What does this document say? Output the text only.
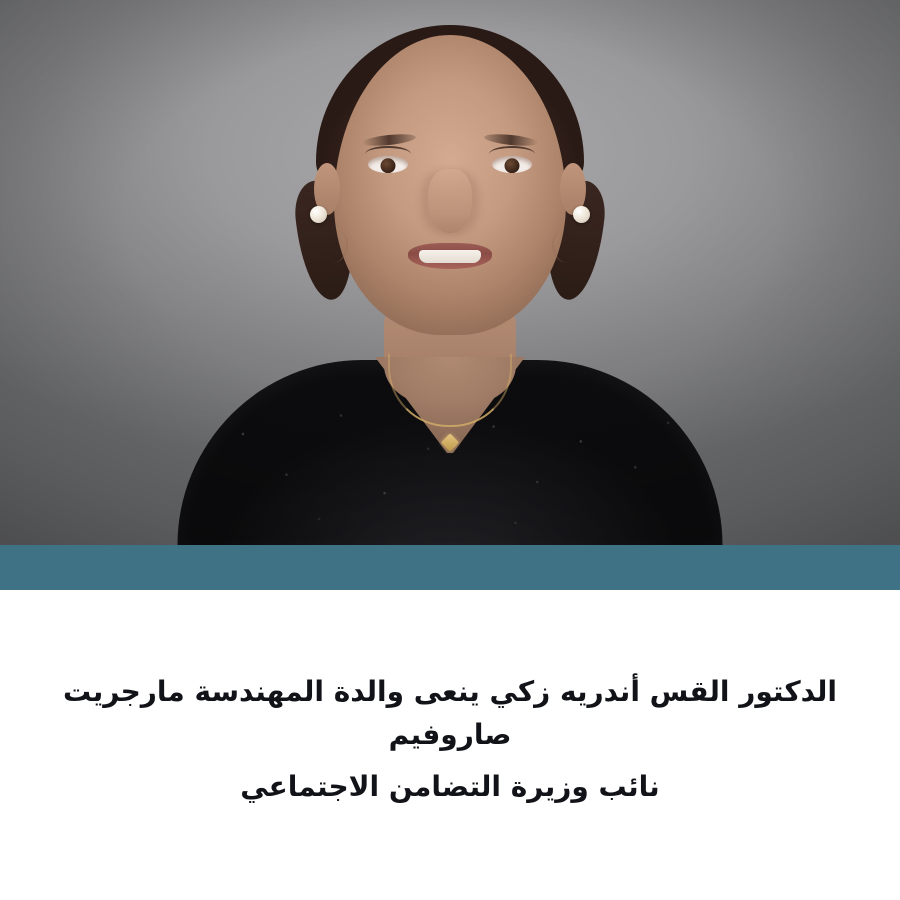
الدكتور القس أندريه زكي ينعى والدة المهندسة مارجريت صاروفيم
نائب وزيرة التضامن الاجتماعي
